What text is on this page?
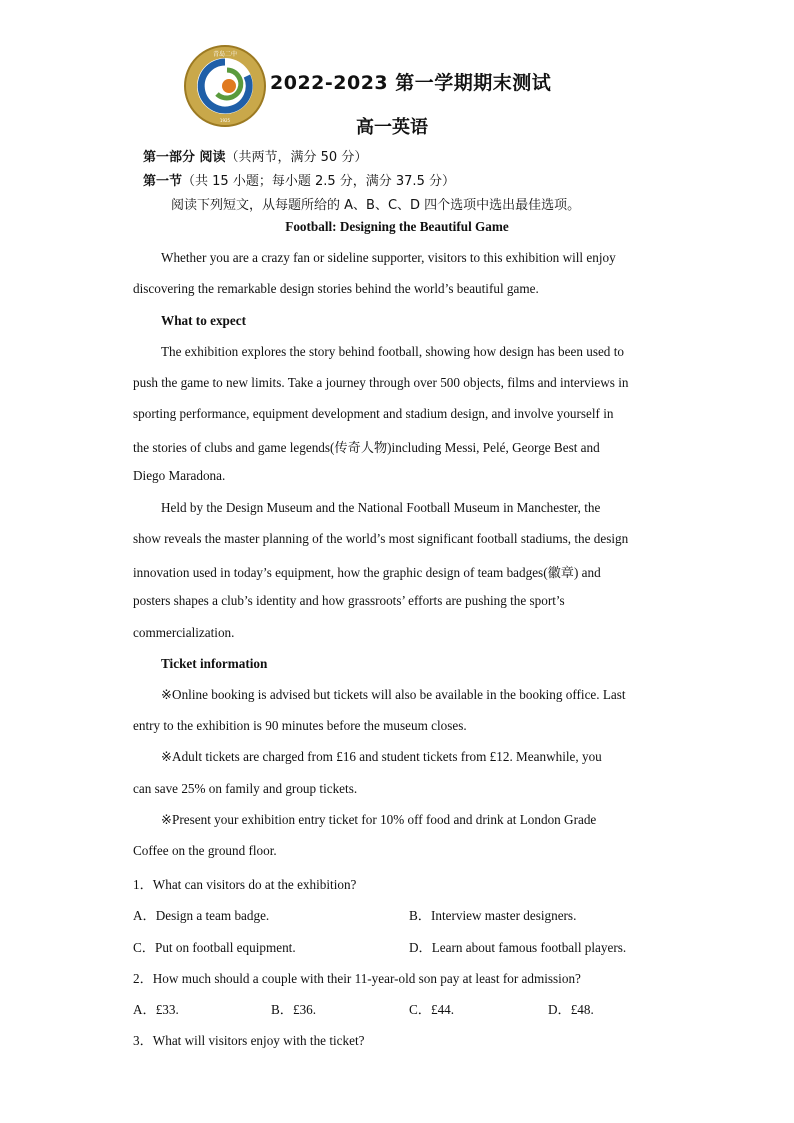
青岛二中
1925
2022-2023 第一学期期末测试
高一英语
第一部分 阅读（共两节，满分 50 分）
第一节（共 15 小题；每小题 2.5 分，满分 37.5 分）
阅读下列短文，从每题所给的 A、B、C、D 四个选项中选出最佳选项。
Football: Designing the Beautiful Game
Whether you are a crazy fan or sideline supporter, visitors to this exhibition will enjoy
discovering the remarkable design stories behind the world’s beautiful game.
What to expect
The exhibition explores the story behind football, showing how design has been used to
push the game to new limits. Take a journey through over 500 objects, films and interviews in
sporting performance, equipment development and stadium design, and involve yourself in
the stories of clubs and game legends(传奇人物)including Messi, Pelé, George Best and
Diego Maradona.
Held by the Design Museum and the National Football Museum in Manchester, the
show reveals the master planning of the world’s most significant football stadiums, the design
innovation used in today’s equipment, how the graphic design of team badges(徽章) and
posters shapes a club’s identity and how grassroots’ efforts are pushing the sport’s
commercialization.
Ticket information
※Online booking is advised but tickets will also be available in the booking office. Last
entry to the exhibition is 90 minutes before the museum closes.
※Adult tickets are charged from £16 and student tickets from £12. Meanwhile, you
can save 25% on family and group tickets.
※Present your exhibition entry ticket for 10% off food and drink at London Grade
Coffee on the ground floor.
1．What can visitors do at the exhibition?
A．Design a team badge.	B．Interview master designers.
C．Put on football equipment.	D．Learn about famous football players.
2．How much should a couple with their 11-year-old son pay at least for admission?
A．£33.	B．£36.	C．£44.	D．£48.
3．What will visitors enjoy with the ticket?
